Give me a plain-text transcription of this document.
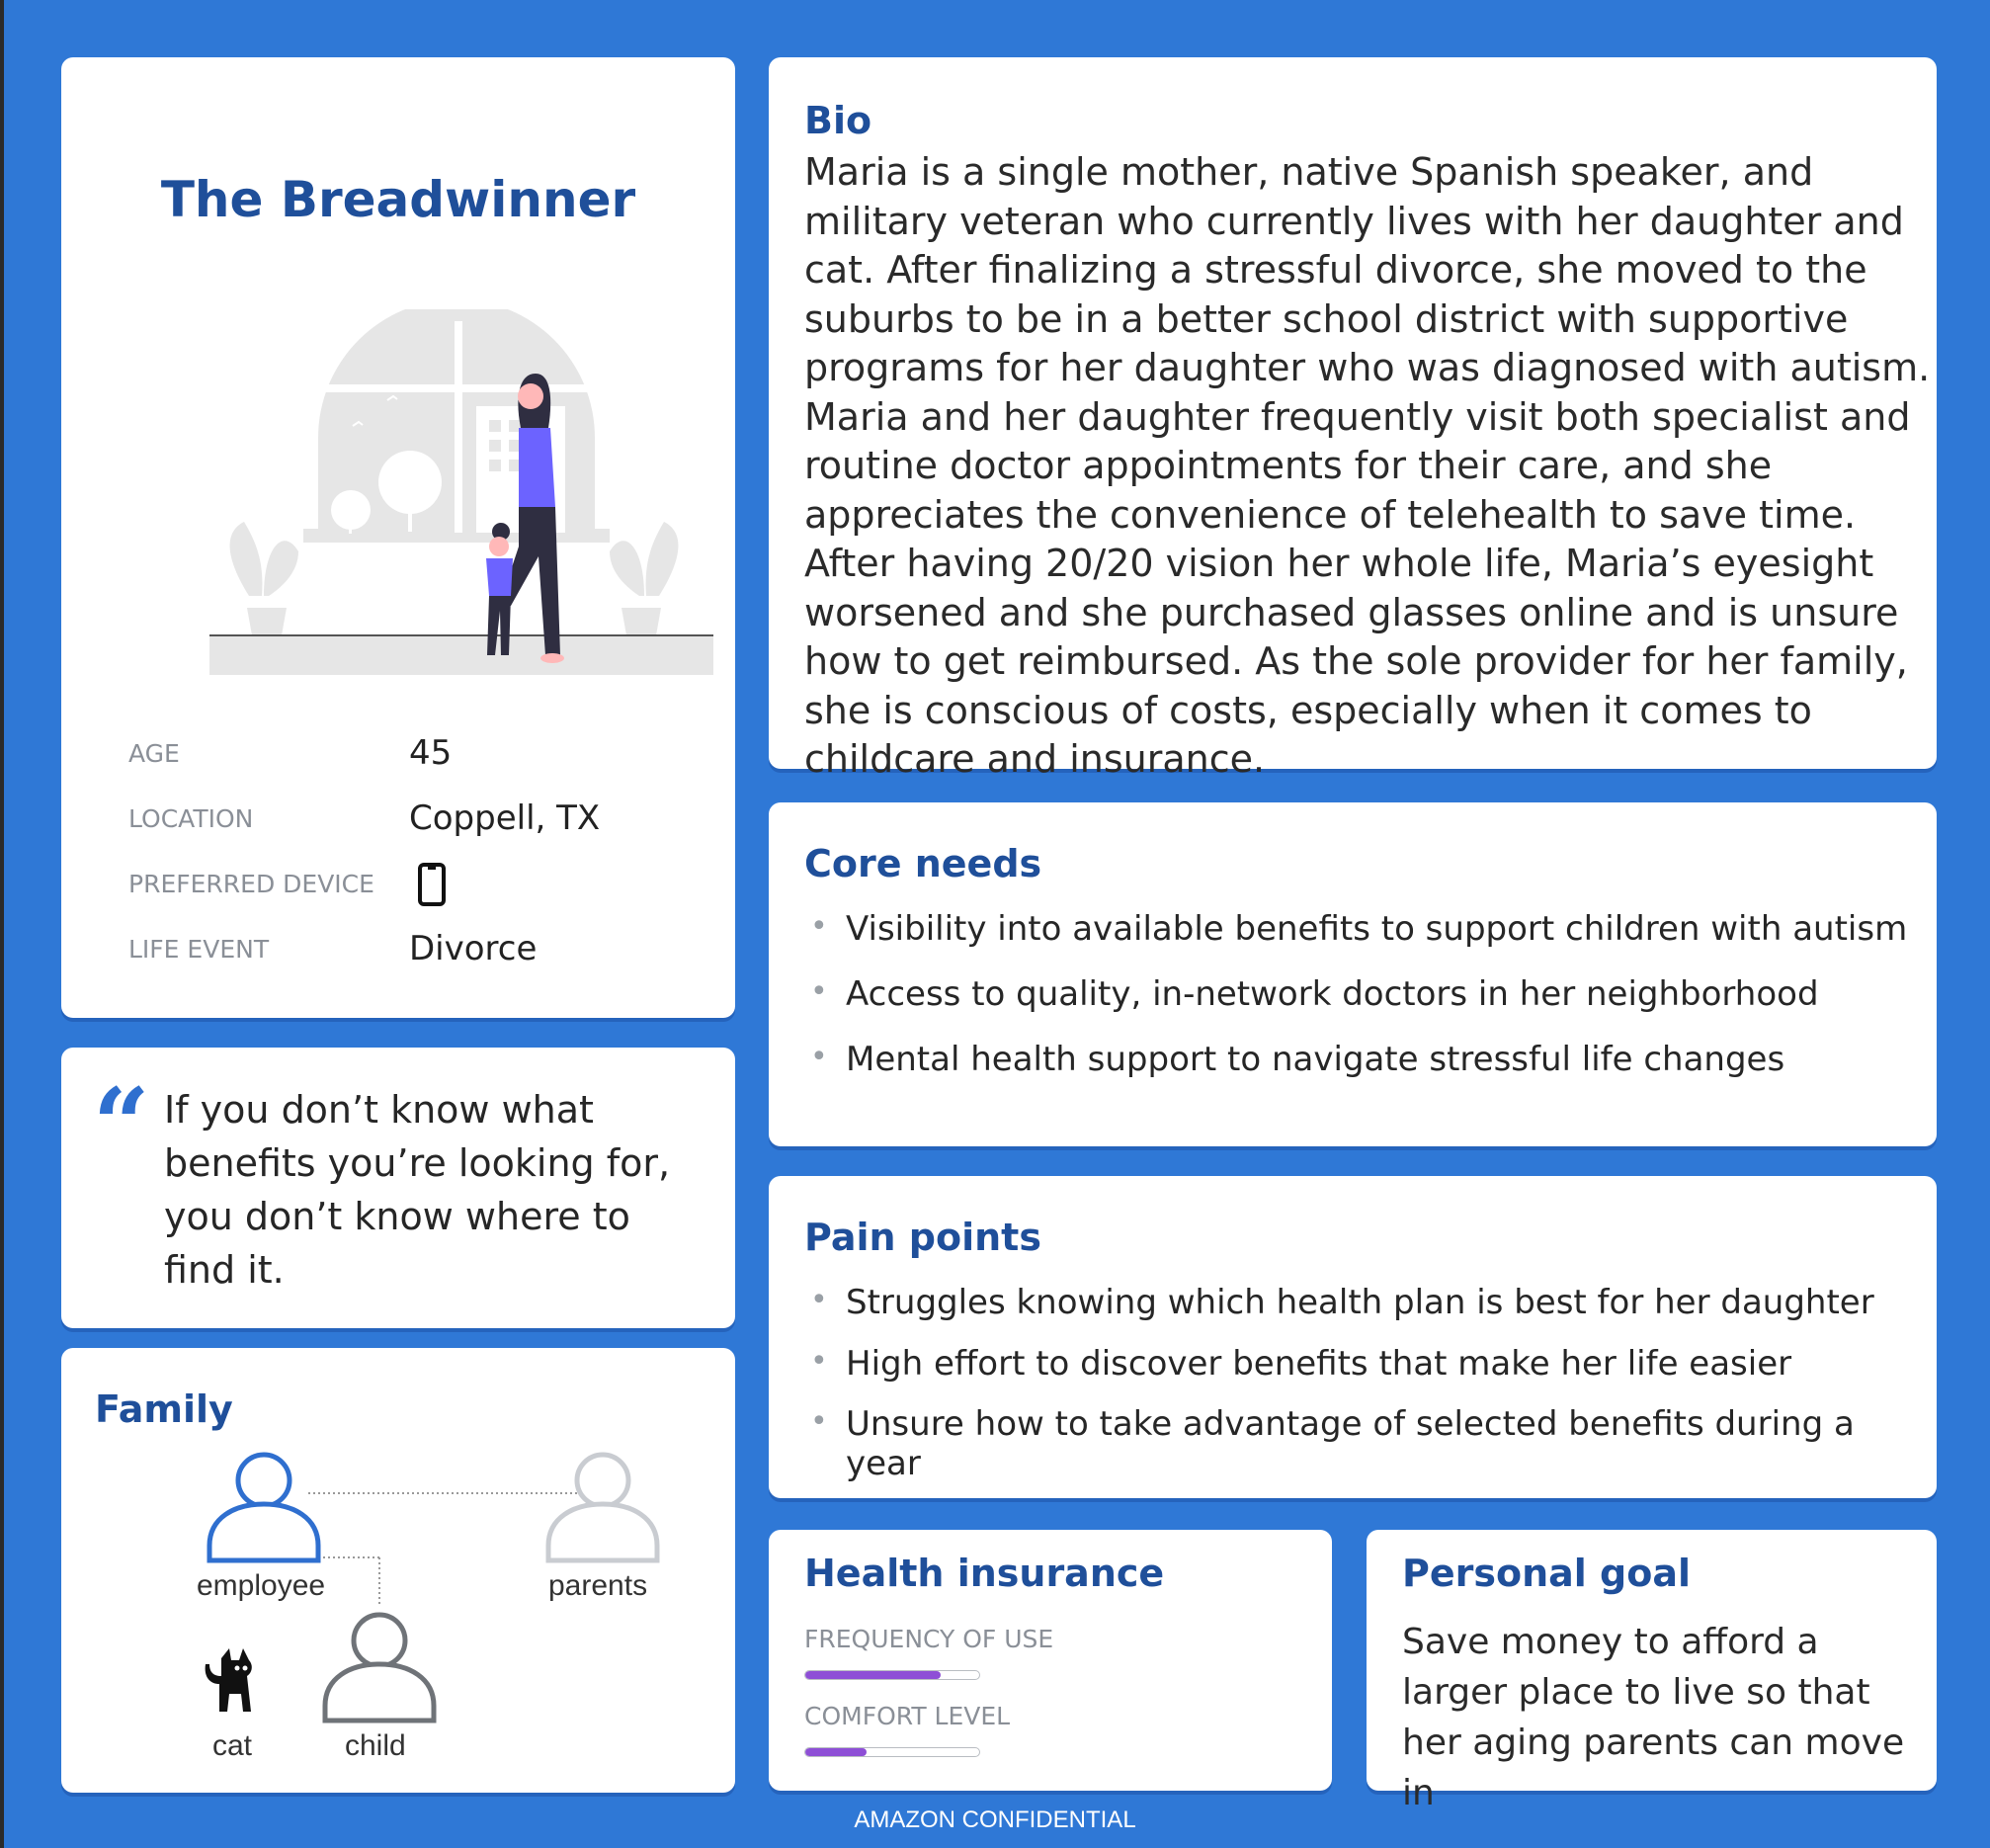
The Breadwinner
AGE	45
LOCATION	Coppell, TX
PREFERRED DEVICE
LIFE EVENT	Divorce
“ If you don’t know what benefits you’re looking for, you don’t know where to find it.
Family
employee	parents
cat	child
Bio
Maria is a single mother, native Spanish speaker, and military veteran who currently lives with her daughter and cat. After finalizing a stressful divorce, she moved to the suburbs to be in a better school district with supportive programs for her daughter who was diagnosed with autism. Maria and her daughter frequently visit both specialist and routine doctor appointments for their care, and she appreciates the convenience of telehealth to save time. After having 20/20 vision her whole life, Maria’s eyesight worsened and she purchased glasses online and is unsure how to get reimbursed. As the sole provider for her family, she is conscious of costs, especially when it comes to childcare and insurance.
Core needs
• Visibility into available benefits to support children with autism
• Access to quality, in-network doctors in her neighborhood
• Mental health support to navigate stressful life changes
Pain points
• Struggles knowing which health plan is best for her daughter
• High effort to discover benefits that make her life easier
• Unsure how to take advantage of selected benefits during a year
Health insurance
FREQUENCY OF USE
COMFORT LEVEL
Personal goal
Save money to afford a larger place to live so that her aging parents can move in
AMAZON CONFIDENTIAL
